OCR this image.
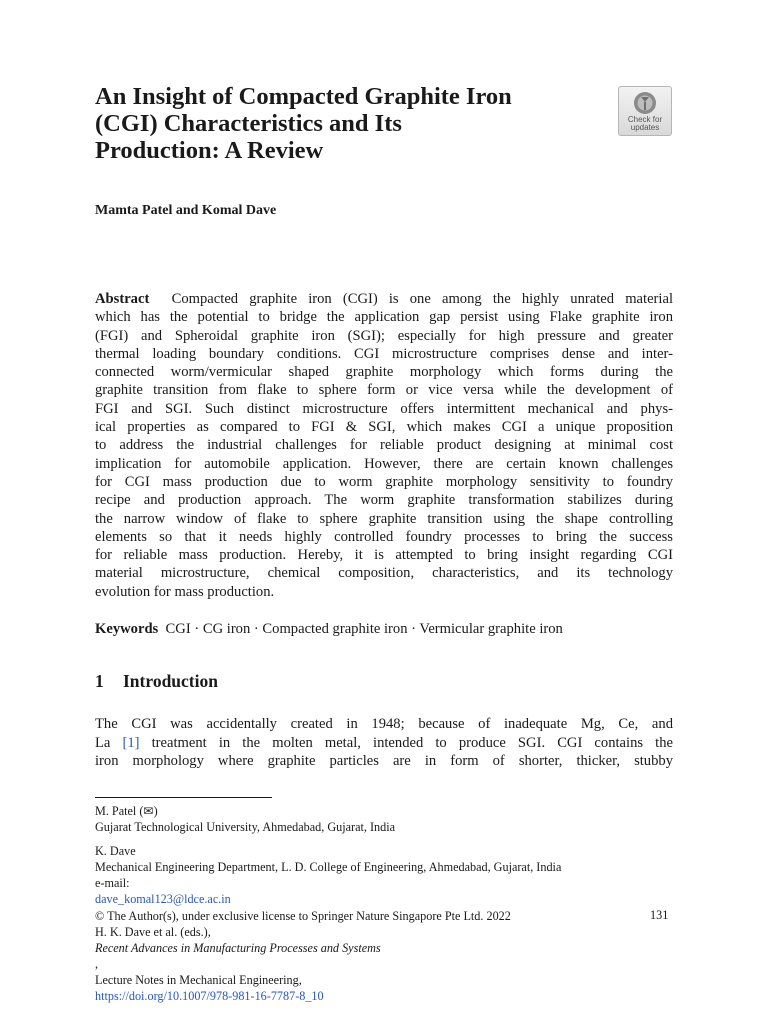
An Insight of Compacted Graphite Iron
(CGI) Characteristics and Its
Production: A Review
Check for
updates
Mamta Patel and Komal Dave
Abstract Compacted graphite iron (CGI) is one among the highly unrated material
which has the potential to bridge the application gap persist using Flake graphite iron
(FGI) and Spheroidal graphite iron (SGI); especially for high pressure and greater
thermal loading boundary conditions. CGI microstructure comprises dense and inter-
connected worm/vermicular shaped graphite morphology which forms during the
graphite transition from flake to sphere form or vice versa while the development of
FGI and SGI. Such distinct microstructure offers intermittent mechanical and phys-
ical properties as compared to FGI & SGI, which makes CGI a unique proposition
to address the industrial challenges for reliable product designing at minimal cost
implication for automobile application. However, there are certain known challenges
for CGI mass production due to worm graphite morphology sensitivity to foundry
recipe and production approach. The worm graphite transformation stabilizes during
the narrow window of flake to sphere graphite transition using the shape controlling
elements so that it needs highly controlled foundry processes to bring the success
for reliable mass production. Hereby, it is attempted to bring insight regarding CGI
material microstructure, chemical composition, characteristics, and its technology
evolution for mass production.
Keywords CGI · CG iron · Compacted graphite iron · Vermicular graphite iron
1 Introduction
The CGI was accidentally created in 1948; because of inadequate Mg, Ce, and
La [1] treatment in the molten metal, intended to produce SGI. CGI contains the
iron morphology where graphite particles are in form of shorter, thicker, stubby
M. Patel (✉)
Gujarat Technological University, Ahmedabad, Gujarat, India
K. Dave
Mechanical Engineering Department, L. D. College of Engineering, Ahmedabad, Gujarat, India
e-mail:
dave_komal123@ldce.ac.in
© The Author(s), under exclusive license to Springer Nature Singapore Pte Ltd. 2022
H. K. Dave et al. (eds.),
Recent Advances in Manufacturing Processes and Systems
,
Lecture Notes in Mechanical Engineering,
https://doi.org/10.1007/978-981-16-7787-8_10
131
